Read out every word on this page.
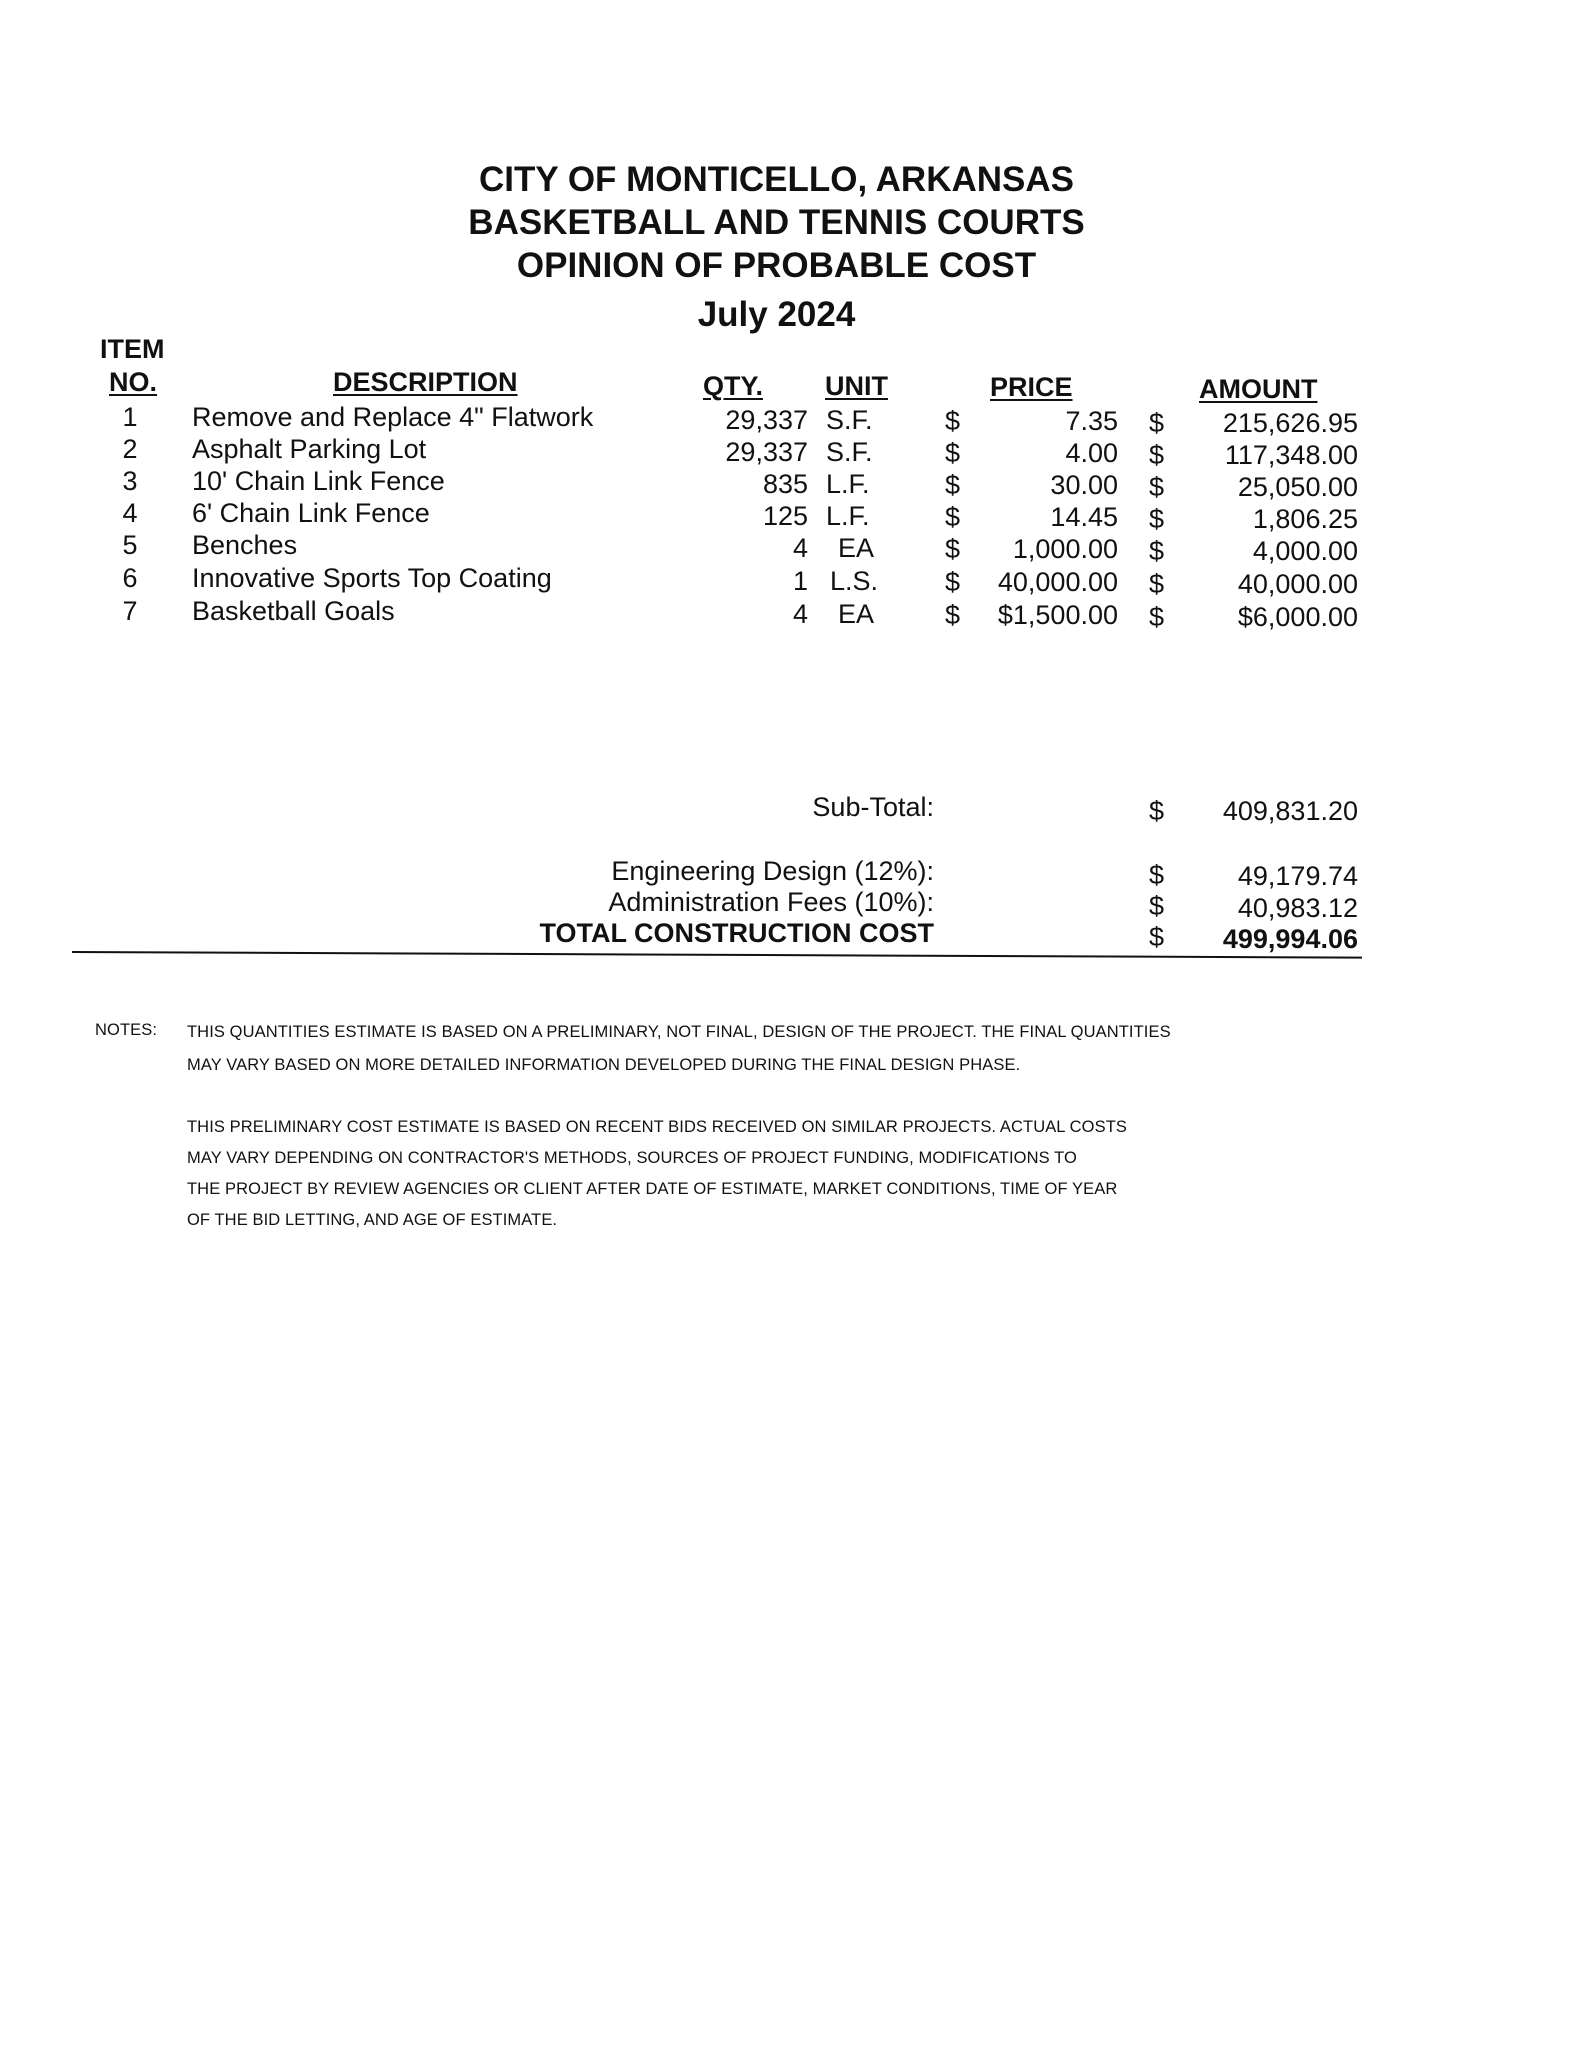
CITY OF MONTICELLO, ARKANSAS
BASKETBALL AND TENNIS COURTS
OPINION OF PROBABLE COST
July 2024
ITEM
NO.	DESCRIPTION	QTY. UNIT	PRICE	AMOUNT
1	Remove and Replace 4" Flatwork	29,337 S.F.	$	7.35 $	215,626.95
2	Asphalt Parking Lot	29,337 S.F.	$	4.00 $	117,348.00
3	10' Chain Link Fence	835 L.F.	$	30.00 $	25,050.00
4	6' Chain Link Fence	125 L.F.	$	14.45 $	1,806.25
5	Benches	4 EA	$	1,000.00 $	4,000.00
6	Innovative Sports Top Coating	1 L.S. $	40,000.00 $	40,000.00
7	Basketball Goals	4 EA	$	$1,500.00 $	$6,000.00
Sub-Total:	$	409,831.20
Engineering Design (12%):	$	49,179.74
Administration Fees (10%):	$	40,983.12
TOTAL CONSTRUCTION COST	$	499,994.06
NOTES: THIS QUANTITIES ESTIMATE IS BASED ON A PRELIMINARY, NOT FINAL, DESIGN OF THE PROJECT. THE FINAL QUANTITIES
MAY VARY BASED ON MORE DETAILED INFORMATION DEVELOPED DURING THE FINAL DESIGN PHASE.
THIS PRELIMINARY COST ESTIMATE IS BASED ON RECENT BIDS RECEIVED ON SIMILAR PROJECTS. ACTUAL COSTS
MAY VARY DEPENDING ON CONTRACTOR'S METHODS, SOURCES OF PROJECT FUNDING, MODIFICATIONS TO
THE PROJECT BY REVIEW AGENCIES OR CLIENT AFTER DATE OF ESTIMATE, MARKET CONDITIONS, TIME OF YEAR
OF THE BID LETTING, AND AGE OF ESTIMATE.
